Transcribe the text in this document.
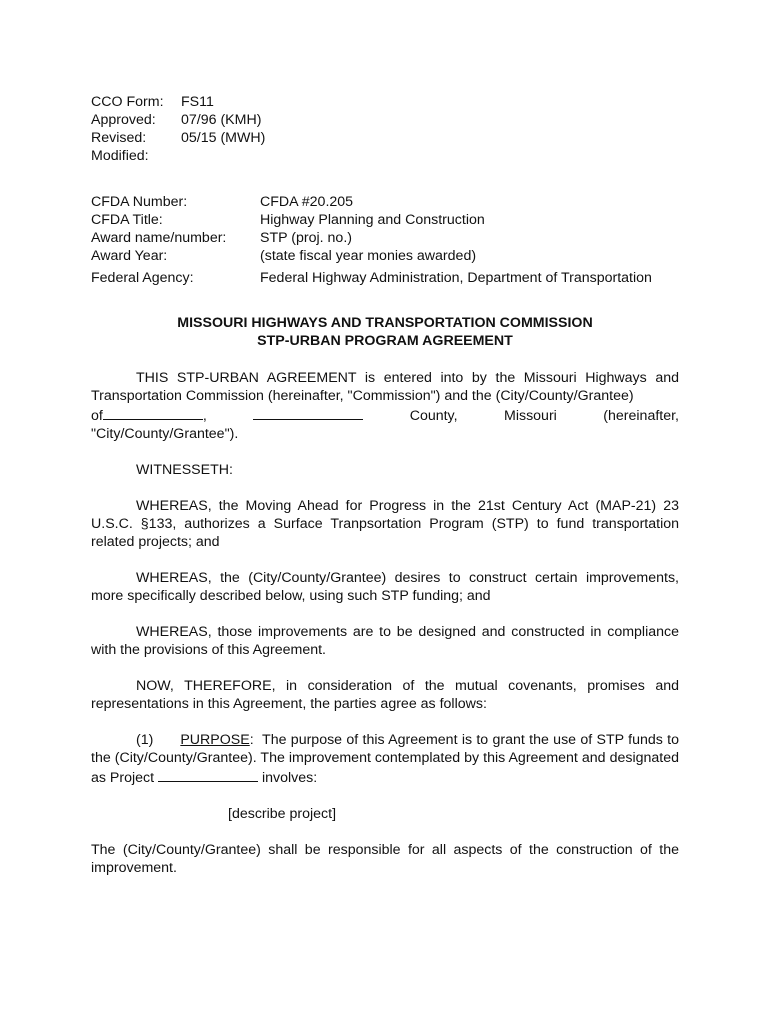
CCO Form:	FS11
Approved:	07/96 (KMH)
Revised:	05/15 (MWH)
Modified:
CFDA Number:	CFDA #20.205
CFDA Title:	Highway Planning and Construction
Award name/number:	STP (proj. no.)
Award Year:	(state fiscal year monies awarded)
Federal Agency:	Federal Highway Administration, Department of Transportation
MISSOURI HIGHWAYS AND TRANSPORTATION COMMISSION
STP-URBAN PROGRAM AGREEMENT
THIS STP-URBAN AGREEMENT is entered into by the Missouri Highways and Transportation Commission (hereinafter, "Commission") and the (City/County/Grantee)
of	,	County,	Missouri	(hereinafter,
"City/County/Grantee").
WITNESSETH:
WHEREAS, the Moving Ahead for Progress in the 21st Century Act (MAP-21) 23 U.S.C. §133, authorizes a Surface Tranpsortation Program (STP) to fund transportation related projects; and
WHEREAS, the (City/County/Grantee) desires to construct certain improvements, more specifically described below, using such STP funding; and
WHEREAS, those improvements are to be designed and constructed in compliance with the provisions of this Agreement.
NOW, THEREFORE, in consideration of the mutual covenants, promises and representations in this Agreement, the parties agree as follows:
(1) PURPOSE: The purpose of this Agreement is to grant the use of STP funds to the (City/County/Grantee). The improvement contemplated by this Agreement and designated as Project	involves:
[describe project]
The (City/County/Grantee) shall be responsible for all aspects of the construction of the improvement.
